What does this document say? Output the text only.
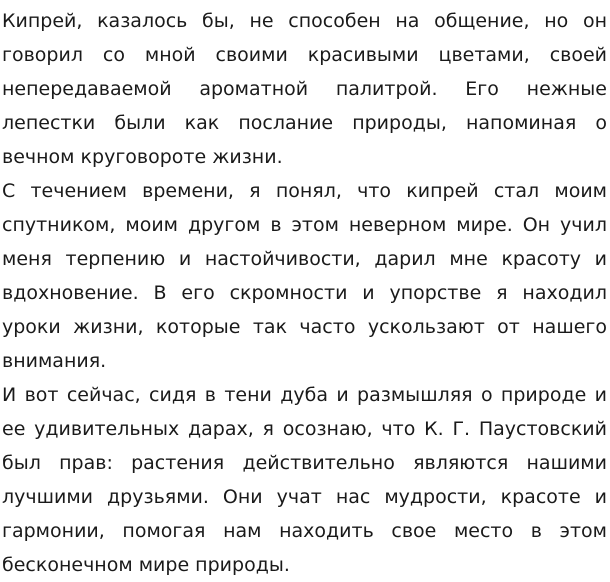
Кипрей, казалось бы, не способен на общение, но он говорил со мной своими красивыми цветами, своей непередаваемой ароматной палитрой. Его нежные лепестки были как послание природы, напоминая о вечном круговороте жизни.

С течением времени, я понял, что кипрей стал моим спутником, моим другом в этом неверном мире. Он учил меня терпению и настойчивости, дарил мне красоту и вдохновение. В его скромности и упорстве я находил уроки жизни, которые так часто ускользают от нашего внимания.

И вот сейчас, сидя в тени дуба и размышляя о природе и ее удивительных дарах, я осознаю, что К. Г. Паустовский был прав: растения действительно являются нашими лучшими друзьями. Они учат нас мудрости, красоте и гармонии, помогая нам находить свое место в этом бесконечном мире природы.
